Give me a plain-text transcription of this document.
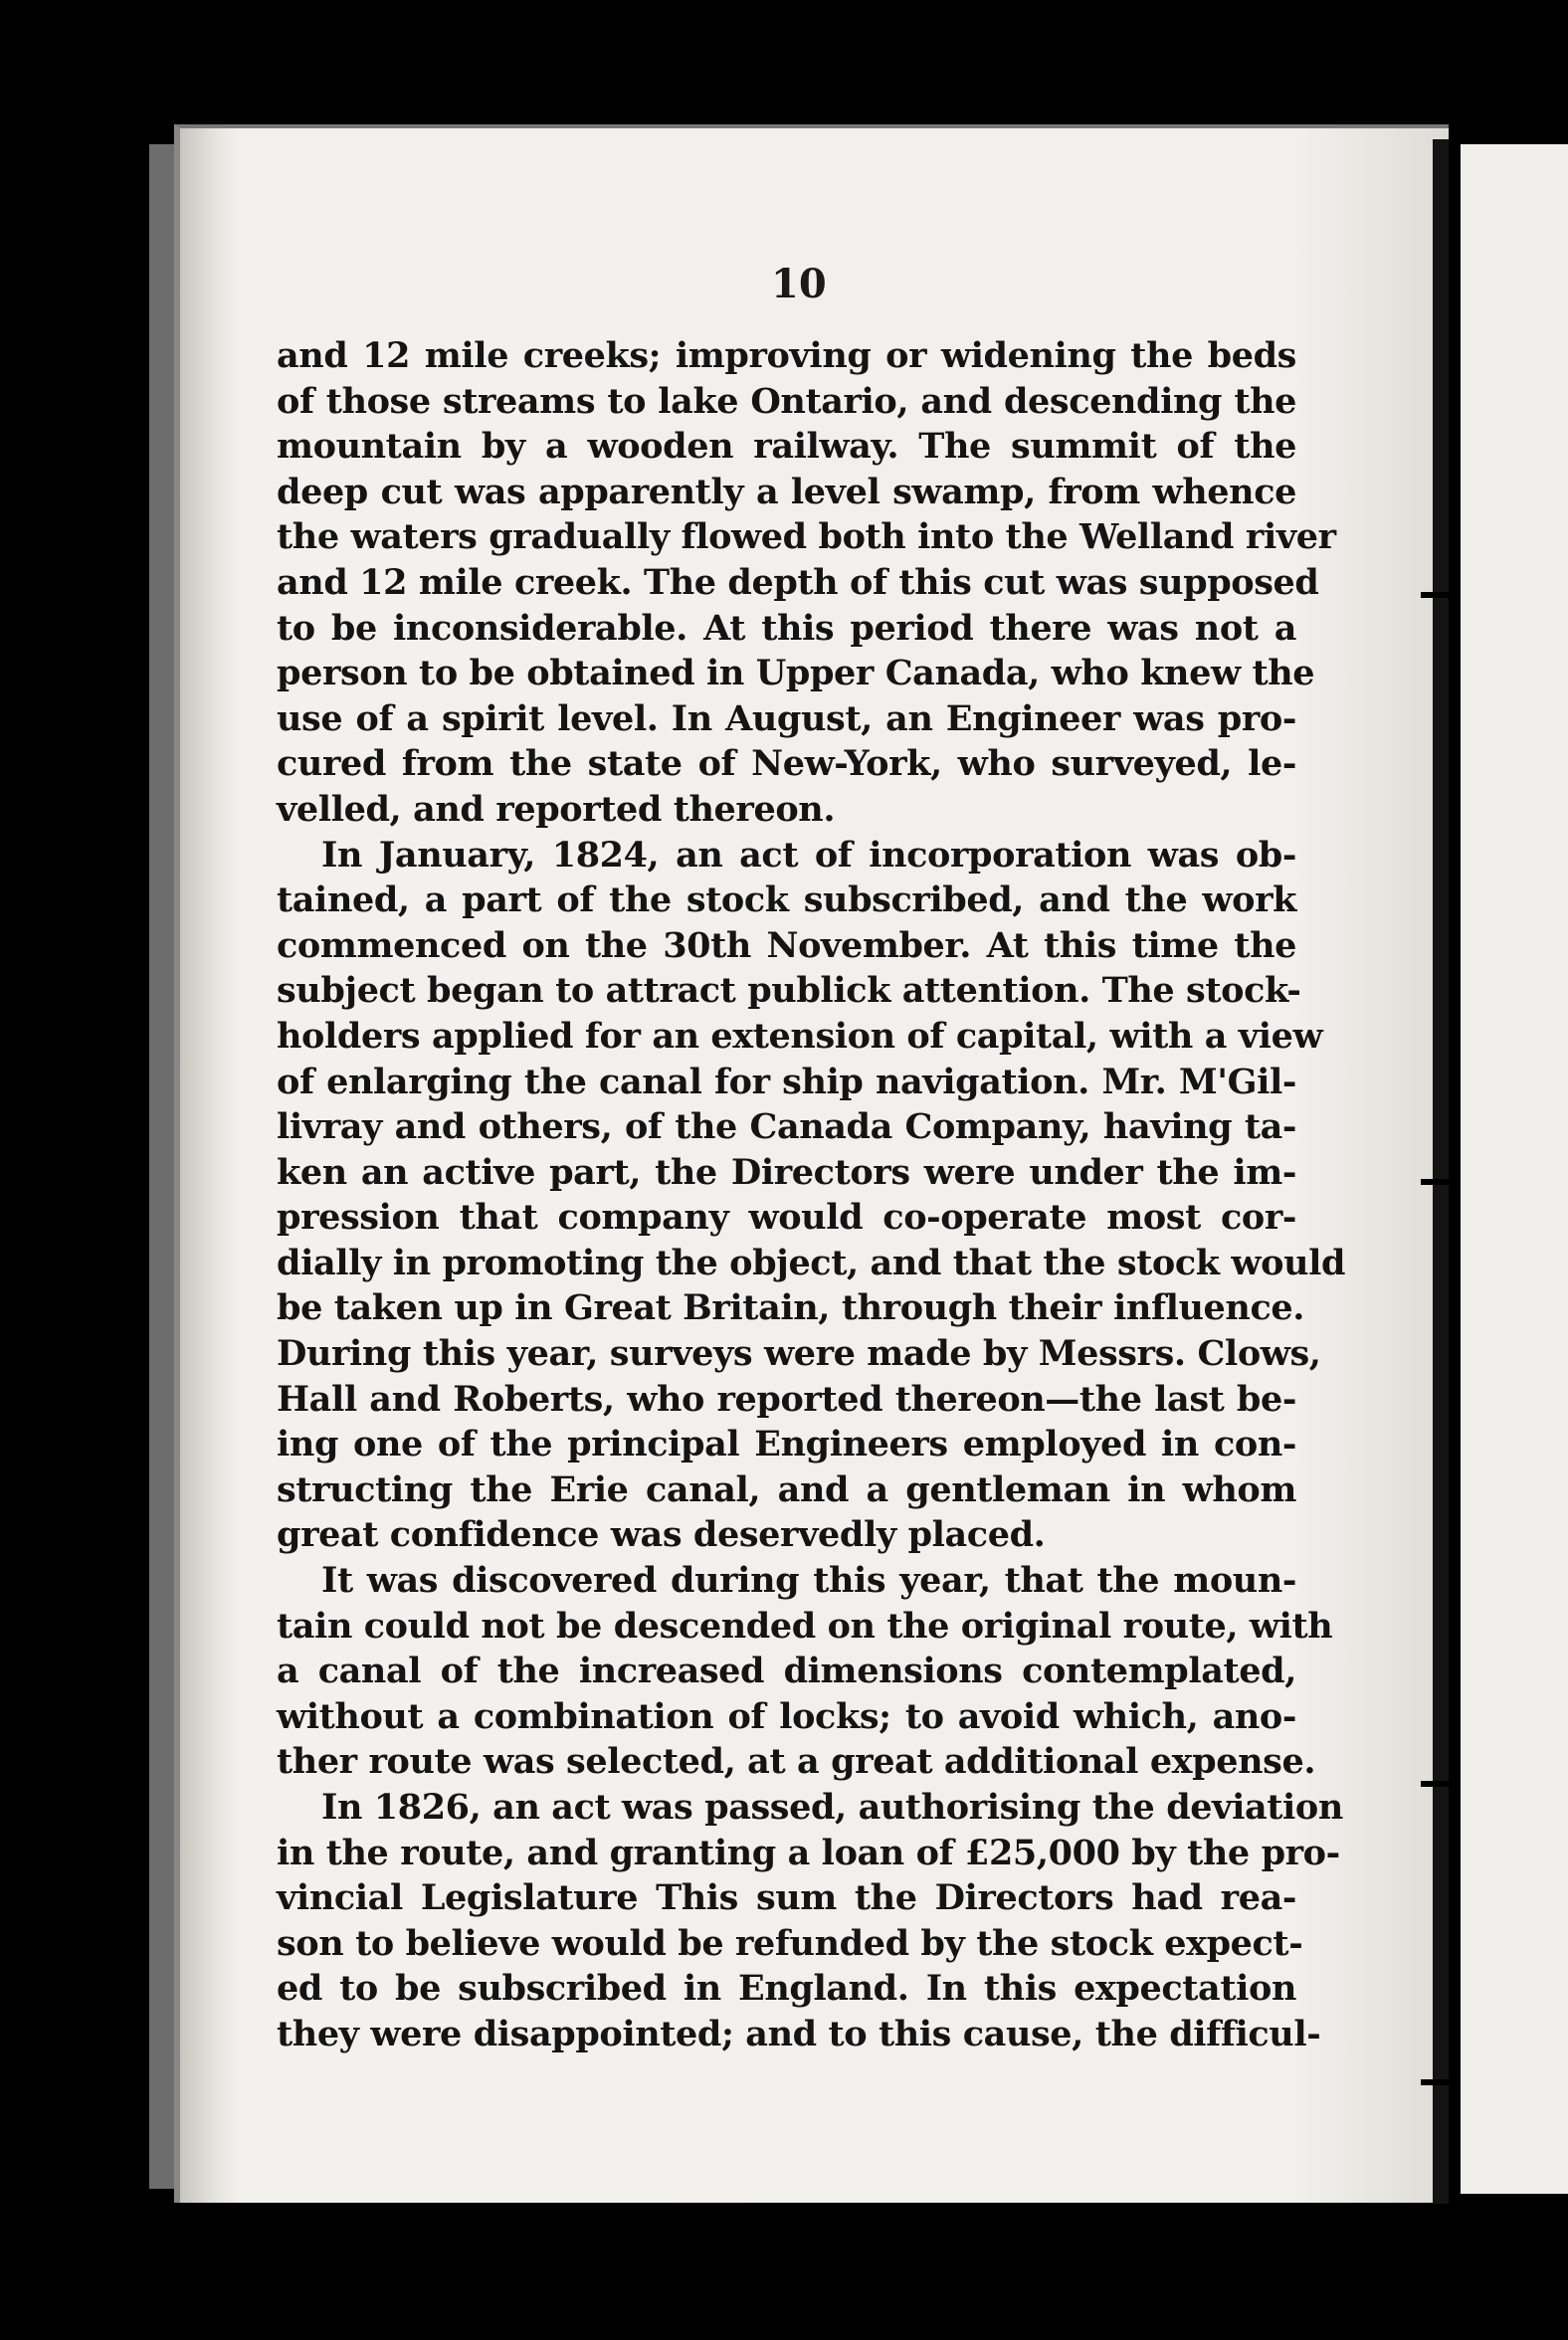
10
and 12 mile creeks; improving or widening the beds
of those streams to lake Ontario, and descending the
mountain by a wooden railway. The summit of the
deep cut was apparently a level swamp, from whence
the waters gradually flowed both into the Welland river
and 12 mile creek. The depth of this cut was supposed
to be inconsiderable. At this period there was not a
person to be obtained in Upper Canada, who knew the
use of a spirit level. In August, an Engineer was pro-
cured from the state of New-York, who surveyed, le-
velled, and reported thereon.
In January, 1824, an act of incorporation was ob-
tained, a part of the stock subscribed, and the work
commenced on the 30th November. At this time the
subject began to attract publick attention. The stock-
holders applied for an extension of capital, with a view
of enlarging the canal for ship navigation. Mr. M'Gil-
livray and others, of the Canada Company, having ta-
ken an active part, the Directors were under the im-
pression that company would co-operate most cor-
dially in promoting the object, and that the stock would
be taken up in Great Britain, through their influence.
During this year, surveys were made by Messrs. Clows,
Hall and Roberts, who reported thereon—the last be-
ing one of the principal Engineers employed in con-
structing the Erie canal, and a gentleman in whom
great confidence was deservedly placed.
It was discovered during this year, that the moun-
tain could not be descended on the original route, with
a canal of the increased dimensions contemplated,
without a combination of locks; to avoid which, ano-
ther route was selected, at a great additional expense.
In 1826, an act was passed, authorising the deviation
in the route, and granting a loan of £25,000 by the pro-
vincial Legislature This sum the Directors had rea-
son to believe would be refunded by the stock expect-
ed to be subscribed in England. In this expectation
they were disappointed; and to this cause, the difficul-
